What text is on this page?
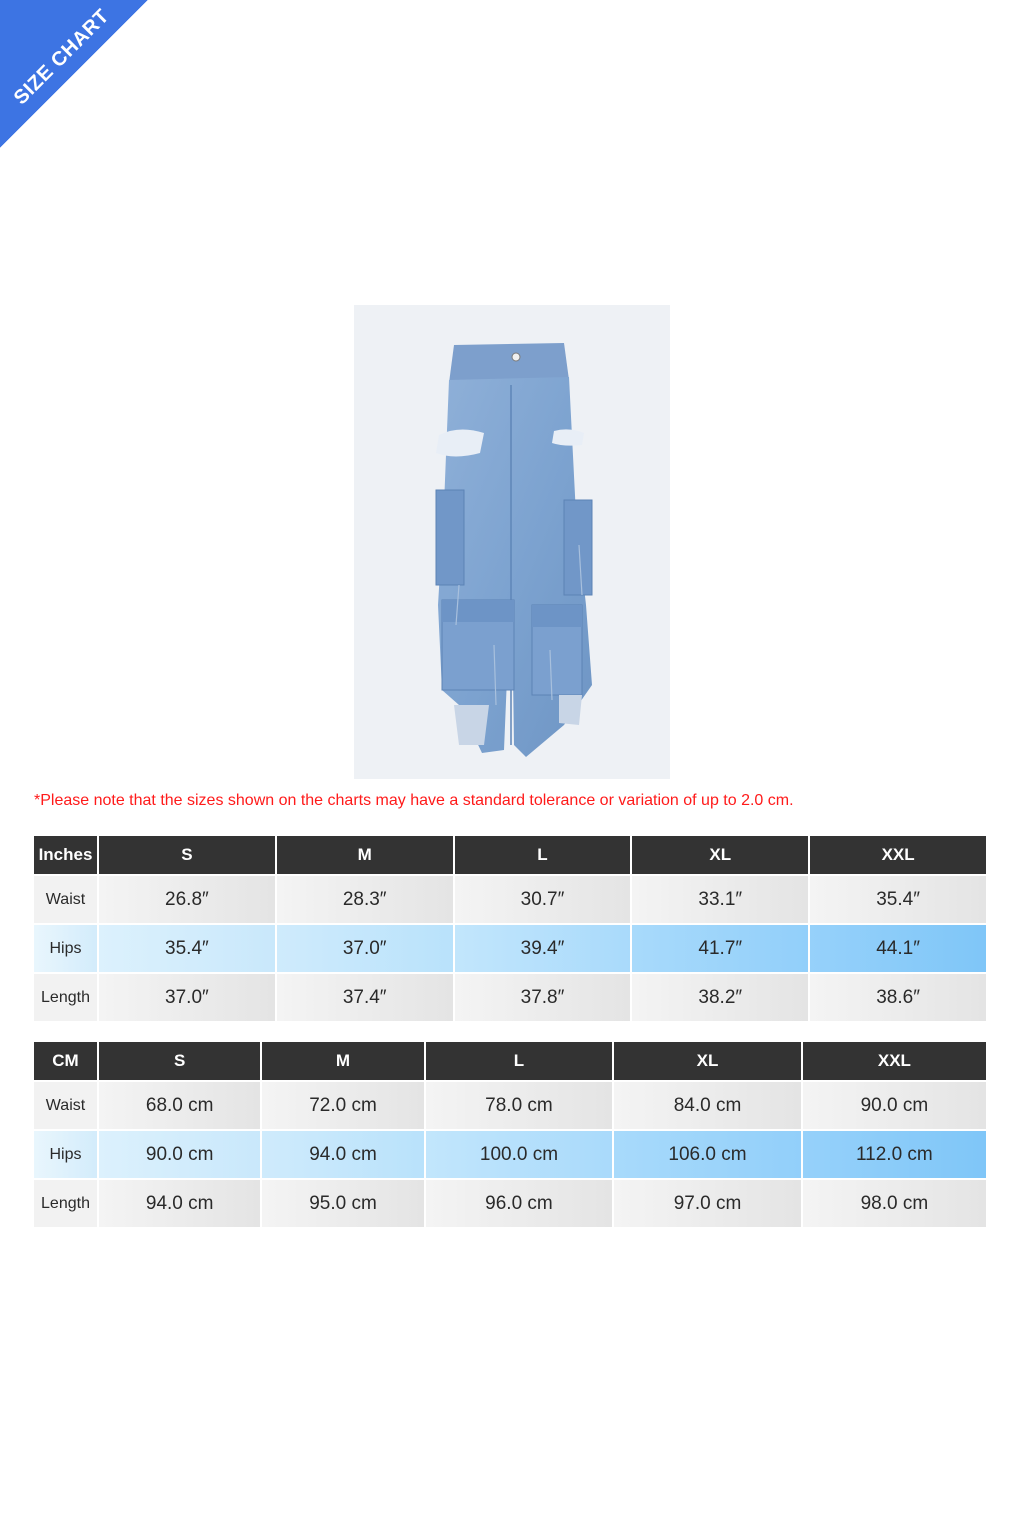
SIZE CHART
*Please note that the sizes shown on the charts may have a standard tolerance or variation of up to 2.0 cm.
Inches	S	M	L	XL	XXL
Waist	26.8″	28.3″	30.7″	33.1″	35.4″
Hips	35.4″	37.0″	39.4″	41.7″	44.1″
Length	37.0″	37.4″	37.8″	38.2″	38.6″
CM	S	M	L	XL	XXL
Waist	68.0 cm	72.0 cm	78.0 cm	84.0 cm	90.0 cm
Hips	90.0 cm	94.0 cm	100.0 cm	106.0 cm	112.0 cm
Length	94.0 cm	95.0 cm	96.0 cm	97.0 cm	98.0 cm
